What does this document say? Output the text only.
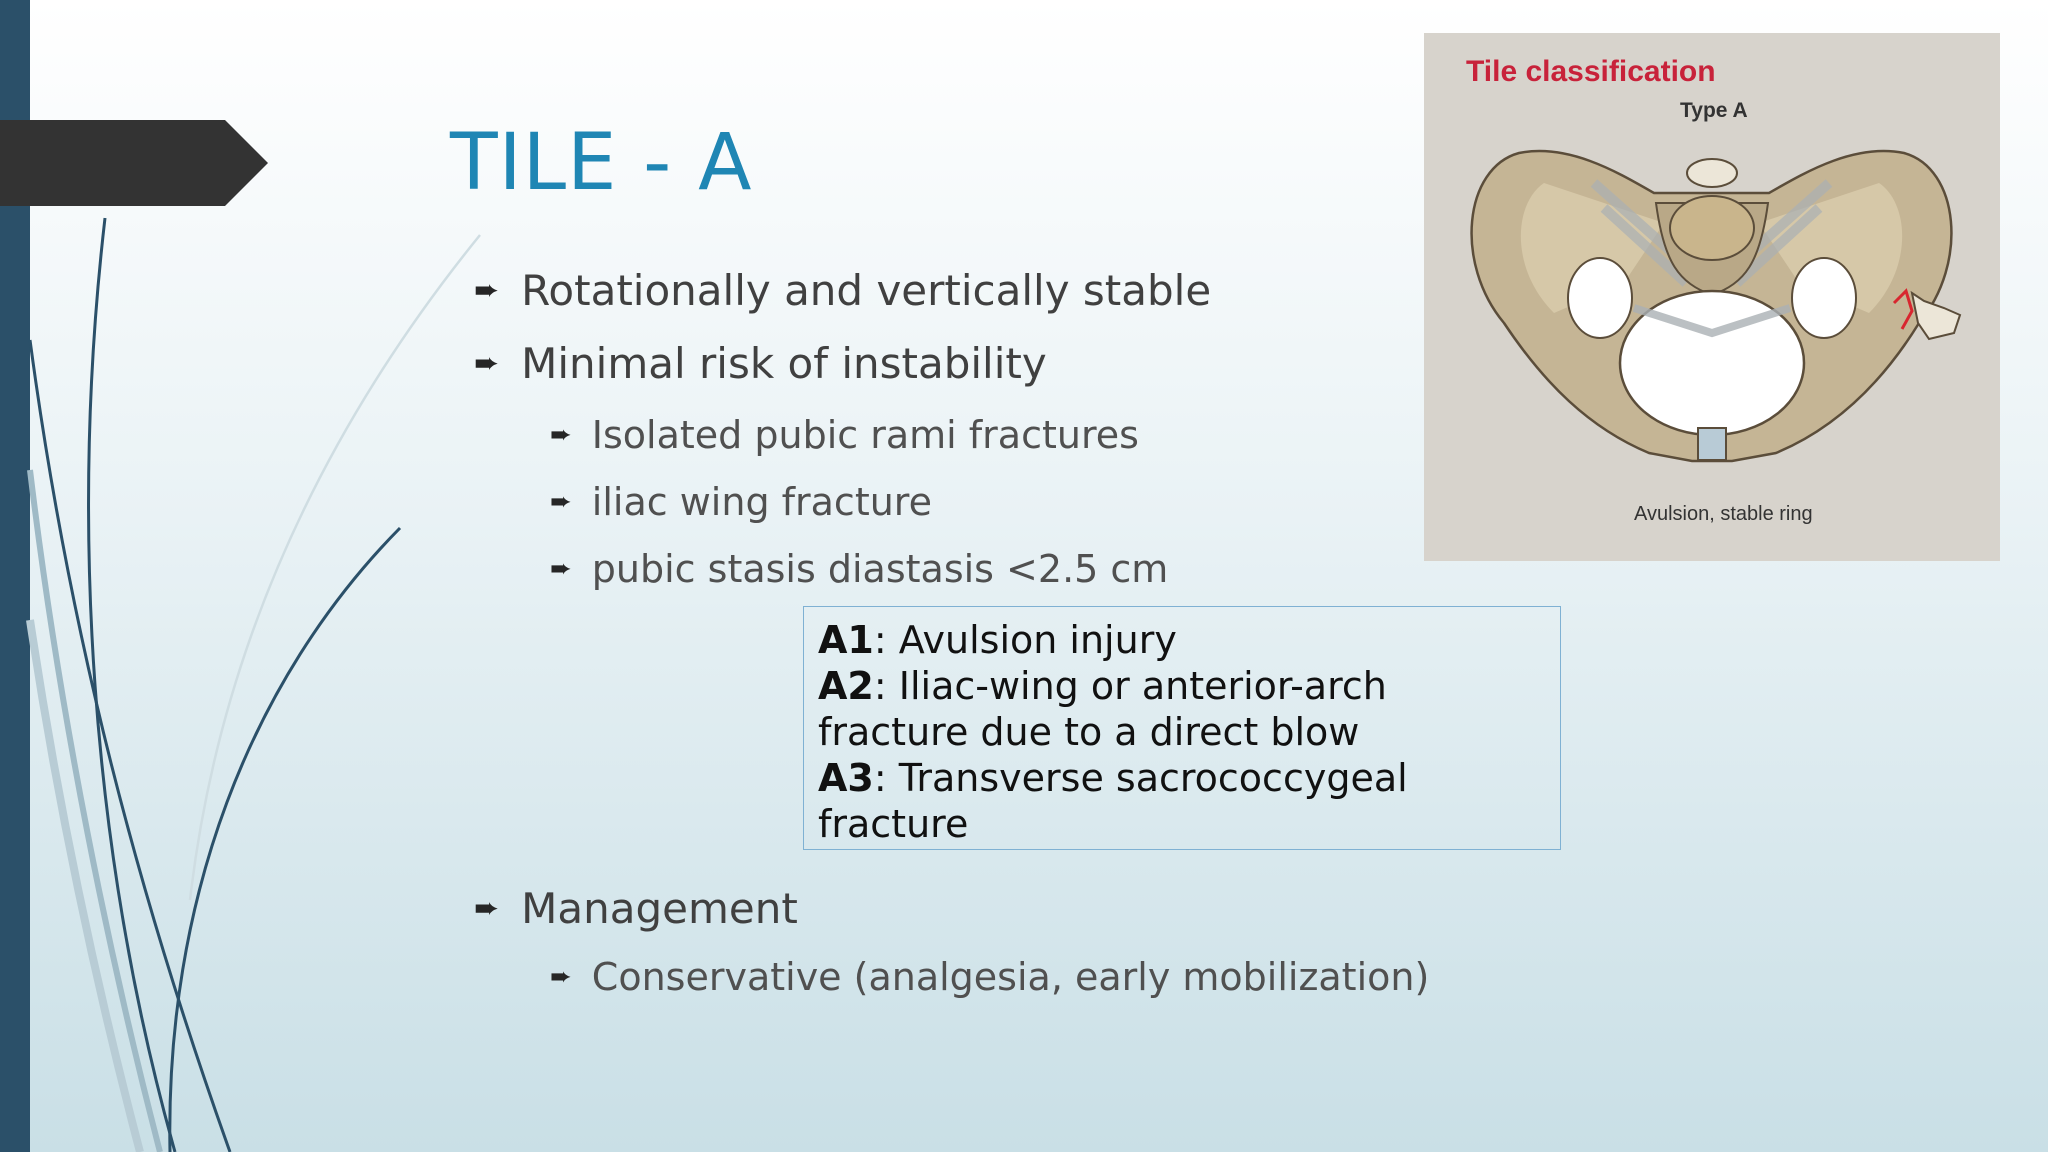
TILE - A
➨ Rotationally and vertically stable
➨ Minimal risk of instability
➨ Isolated pubic rami fractures
➨ iliac wing fracture
➨ pubic stasis diastasis <2.5 cm
A1: Avulsion injury
A2: Iliac-wing or anterior-arch fracture due to a direct blow
A3: Transverse sacrococcygeal fracture
➨ Management
➨ Conservative (analgesia, early mobilization)
Tile classification
Type A
Avulsion, stable ring
